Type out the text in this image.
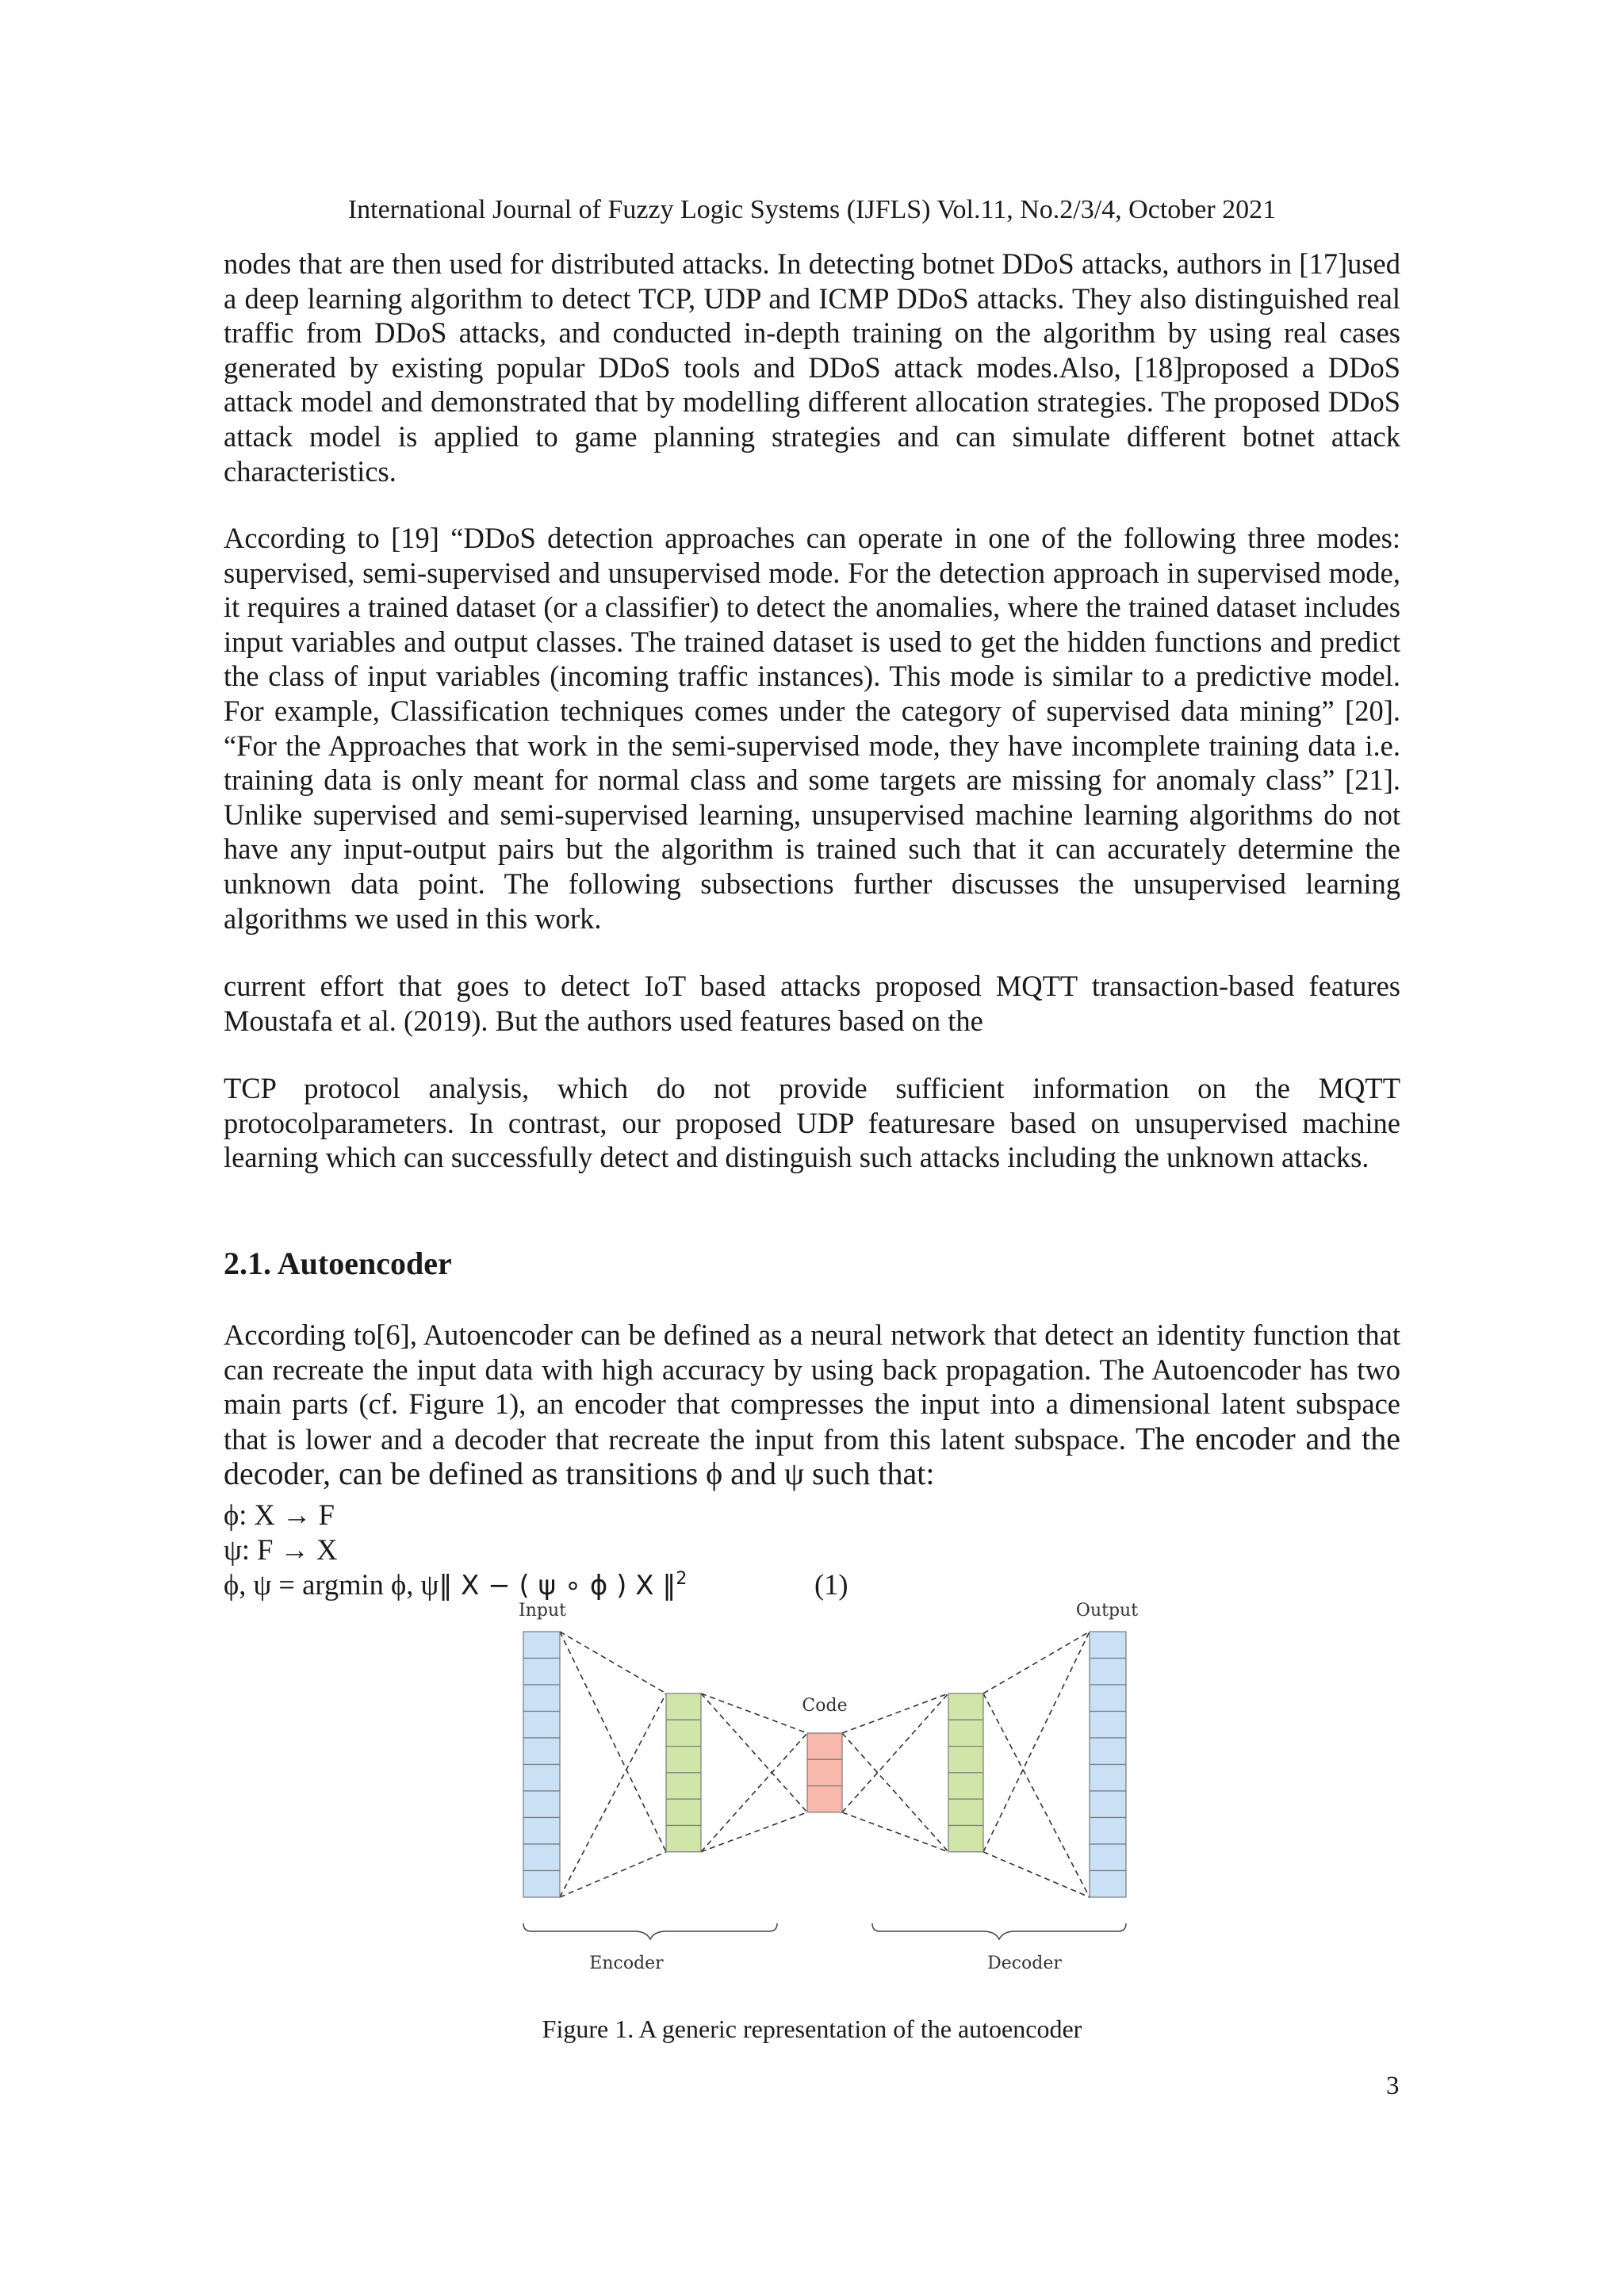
International Journal of Fuzzy Logic Systems (IJFLS) Vol.11, No.2/3/4, October 2021

nodes that are then used for distributed attacks. In detecting botnet DDoS attacks, authors in [17]used a deep learning algorithm to detect TCP, UDP and ICMP DDoS attacks. They also distinguished real traffic from DDoS attacks, and conducted in-depth training on the algorithm by using real cases generated by existing popular DDoS tools and DDoS attack modes.Also, [18]proposed a DDoS attack model and demonstrated that by modelling different allocation strategies. The proposed DDoS attack model is applied to game planning strategies and can simulate different botnet attack characteristics.

According to [19] “DDoS detection approaches can operate in one of the following three modes: supervised, semi-supervised and unsupervised mode. For the detection approach in supervised mode, it requires a trained dataset (or a classifier) to detect the anomalies, where the trained dataset includes input variables and output classes. The trained dataset is used to get the hidden functions and predict the class of input variables (incoming traffic instances). This mode is similar to a predictive model. For example, Classification techniques comes under the category of supervised data mining” [20]. “For the Approaches that work in the semi-supervised mode, they have incomplete training data i.e. training data is only meant for normal class and some targets are missing for anomaly class” [21]. Unlike supervised and semi-supervised learning, unsupervised machine learning algorithms do not have any input-output pairs but the algorithm is trained such that it can accurately determine the unknown data point. The following subsections further discusses the unsupervised learning algorithms we used in this work.

current effort that goes to detect IoT based attacks proposed MQTT transaction-based features Moustafa et al. (2019). But the authors used features based on the

TCP protocol analysis, which do not provide sufficient information on the MQTT protocolparameters. In contrast, our proposed UDP featuresare based on unsupervised machine learning which can successfully detect and distinguish such attacks including the unknown attacks.

2.1. Autoencoder

According to[6], Autoencoder can be defined as a neural network that detect an identity function that can recreate the input data with high accuracy by using back propagation. The Autoencoder has two main parts (cf. Figure 1), an encoder that compresses the input into a dimensional latent subspace that is lower and a decoder that recreate the input from this latent subspace. The encoder and the decoder, can be defined as transitions ϕ and ψ such that:

ϕ: X → F
ψ: F → X
ϕ, ψ = argmin ϕ, ψ‖ X − ( ψ ∘ ϕ ) X ‖$^2$	(1)
Input	Output
Code
Encoder	Decoder
Figure 1. A generic representation of the autoencoder
3
